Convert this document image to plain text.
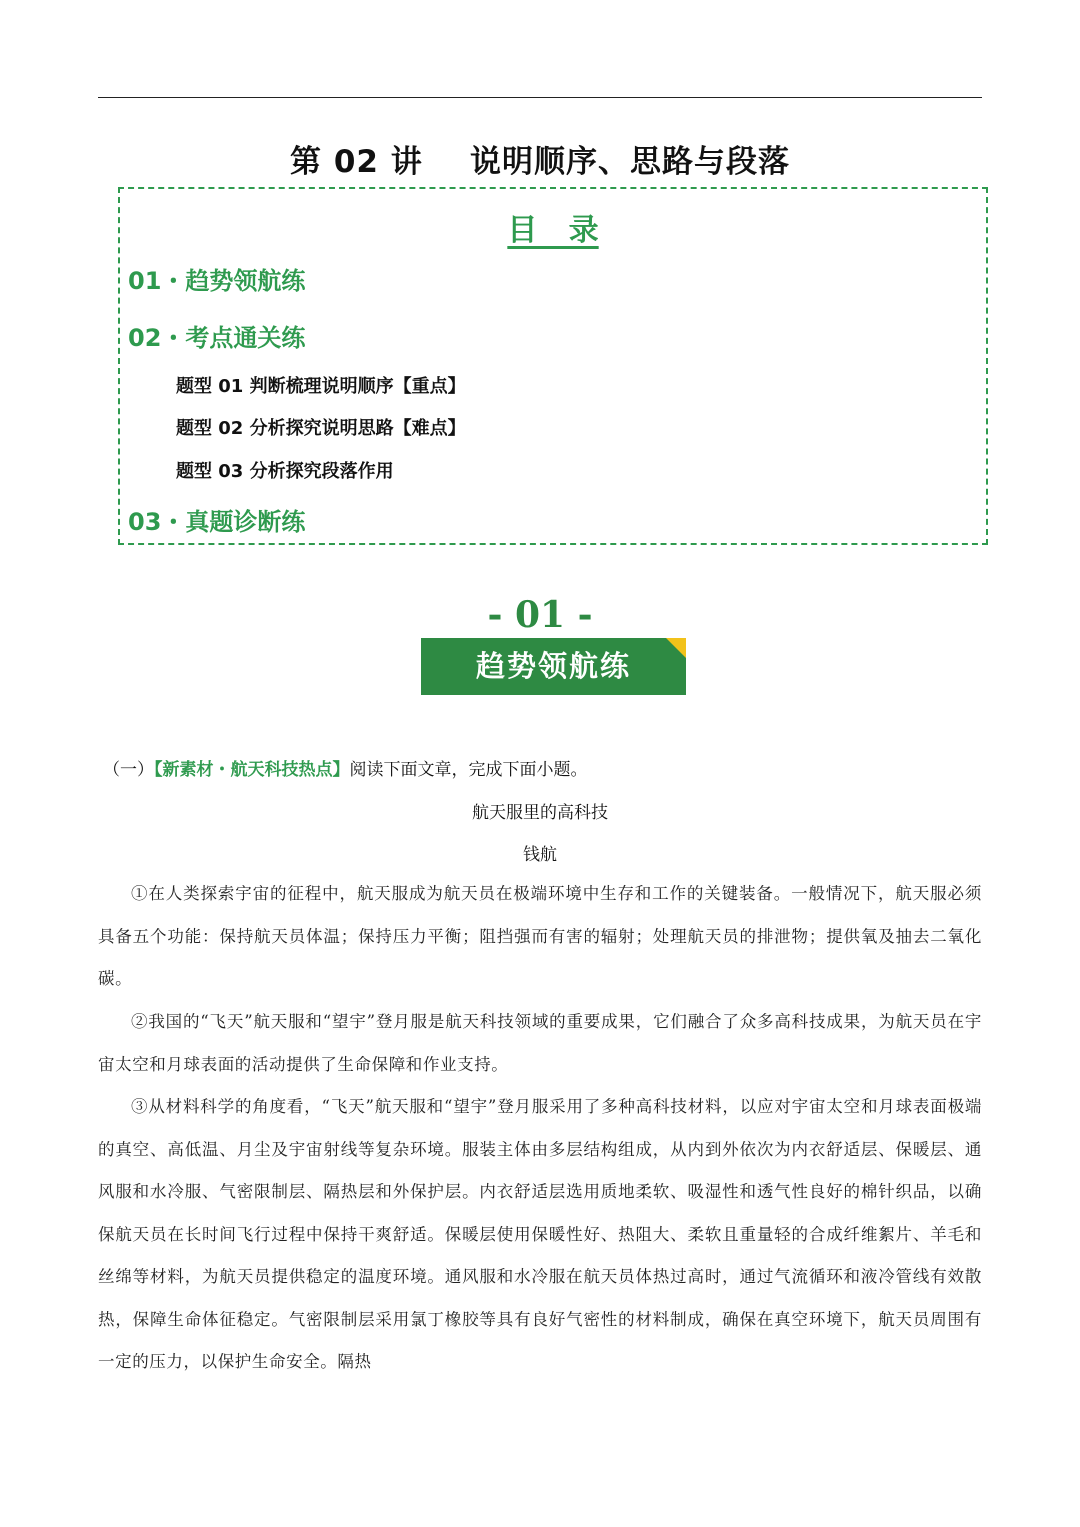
第 02 讲    说明顺序、思路与段落
目   录
01・趋势领航练
02・考点通关练
题型 01 判断梳理说明顺序【重点】
题型 02 分析探究说明思路【难点】
题型 03 分析探究段落作用
03・真题诊断练
- 01 -
趋势领航练
（一）【新素材・航天科技热点】阅读下面文章，完成下面小题。
航天服里的高科技
钱航
①在人类探索宇宙的征程中，航天服成为航天员在极端环境中生存和工作的关键装备。一般情况下，航天服必须具备五个功能：保持航天员体温；保持压力平衡；阻挡强而有害的辐射；处理航天员的排泄物；提供氧及抽去二氧化碳。
②我国的“飞天”航天服和“望宇”登月服是航天科技领域的重要成果，它们融合了众多高科技成果，为航天员在宇宙太空和月球表面的活动提供了生命保障和作业支持。
③从材料科学的角度看，“飞天”航天服和“望宇”登月服采用了多种高科技材料，以应对宇宙太空和月球表面极端的真空、高低温、月尘及宇宙射线等复杂环境。服装主体由多层结构组成，从内到外依次为内衣舒适层、保暖层、通风服和水冷服、气密限制层、隔热层和外保护层。内衣舒适层选用质地柔软、吸湿性和透气性良好的棉针织品，以确保航天员在长时间飞行过程中保持干爽舒适。保暖层使用保暖性好、热阻大、柔软且重量轻的合成纤维絮片、羊毛和丝绵等材料，为航天员提供稳定的温度环境。通风服和水冷服在航天员体热过高时，通过气流循环和液冷管线有效散热，保障生命体征稳定。气密限制层采用氯丁橡胶等具有良好气密性的材料制成，确保在真空环境下，航天员周围有一定的压力，以保护生命安全。隔热
